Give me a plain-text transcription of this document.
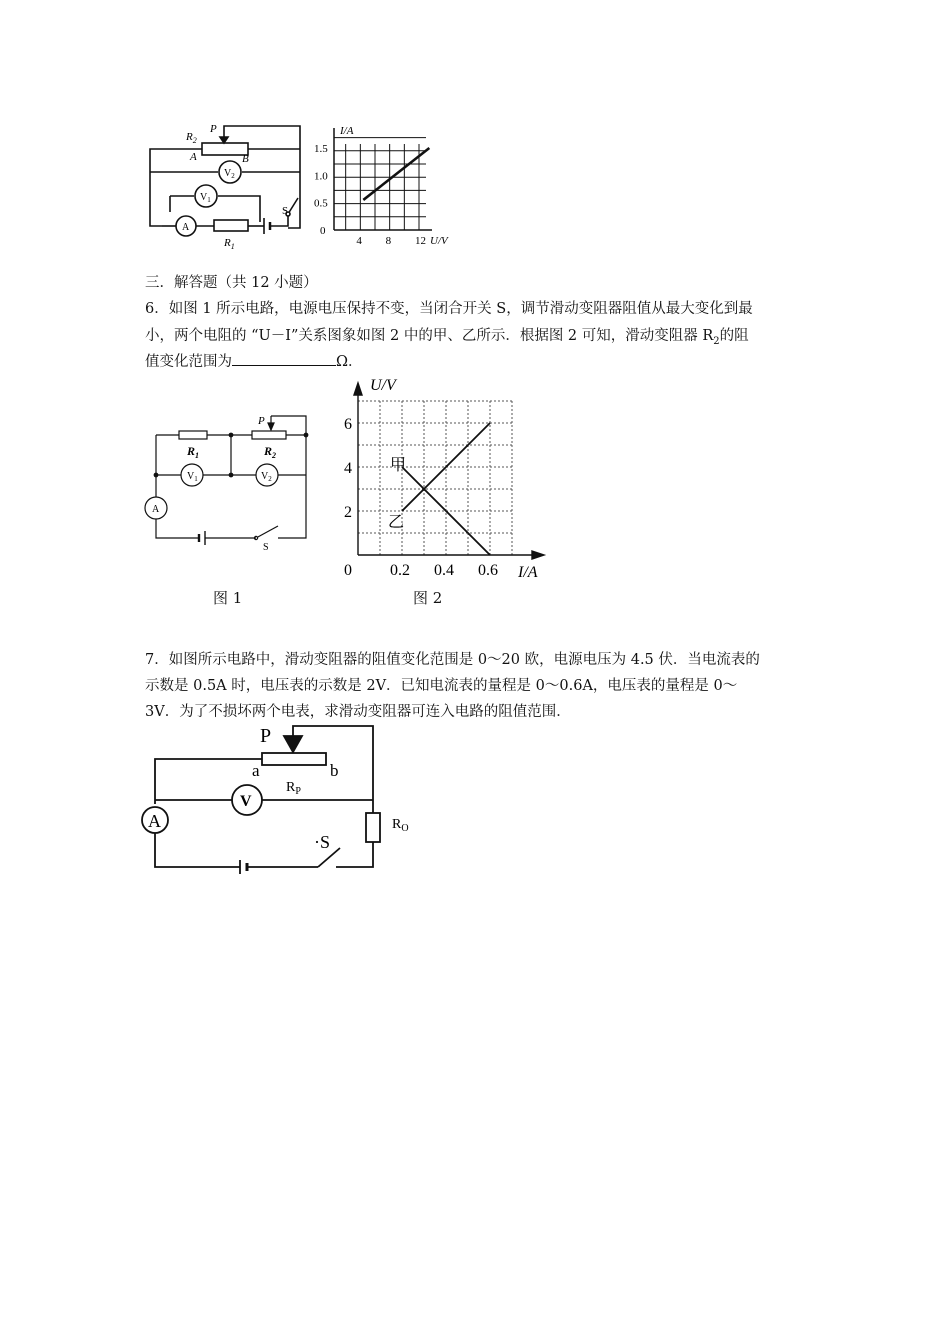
$R_2$
P
A	B
$V_2$
$V_1$
A
S
$R_1$
1.5
1.0
0.5
0
4 8 12
I/A
U/V
三．解答题（共 12 小题）
6．如图 1 所示电路，电源电压保持不变，当闭合开关 S，调节滑动变阻器阻值从最大变化到最
小，两个电阻的 “U－I”关系图象如图 2 中的甲、乙所示．根据图 2 可知，滑动变阻器 $R_2$的阻
值变化范围为	Ω．
$R_1$	$R_2$
P
$V_1$	$V_2$
A
S
图 1
6
4
2
0.2 0.4 0.6
U/V
I/A
0
甲
乙
图 2
7．如图所示电路中，滑动变阻器的阻值变化范围是 0～20 欧，电源电压为 4.5 伏．当电流表的
示数是 0.5A 时，电压表的示数是 2V．已知电流表的量程是 0～0.6A，电压表的量程是 0～
3V．为了不损坏两个电表，求滑动变阻器可连入电路的阻值范围．
P
a	b
$R_P$
V
A
·S
$R_O$
